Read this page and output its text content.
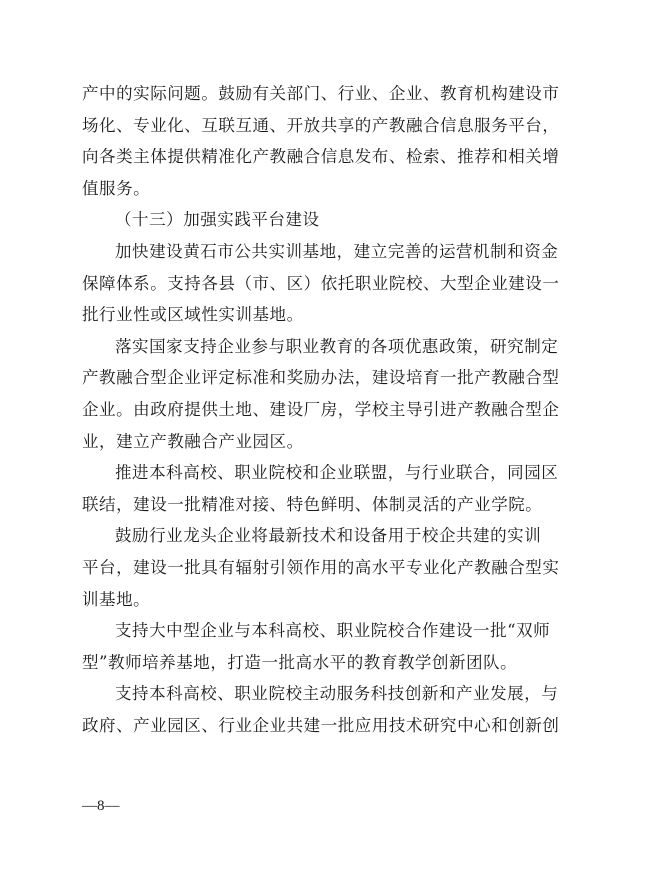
产中的实际问题。鼓励有关部门、行业、企业、教育机构建设市
场化、专业化、互联互通、开放共享的产教融合信息服务平台，
向各类主体提供精准化产教融合信息发布、检索、推荐和相关增
值服务。
（十三）加强实践平台建设
加快建设黄石市公共实训基地，建立完善的运营机制和资金
保障体系。支持各县（市、区）依托职业院校、大型企业建设一
批行业性或区域性实训基地。
落实国家支持企业参与职业教育的各项优惠政策，研究制定
产教融合型企业评定标准和奖励办法，建设培育一批产教融合型
企业。由政府提供土地、建设厂房，学校主导引进产教融合型企
业，建立产教融合产业园区。
推进本科高校、职业院校和企业联盟，与行业联合，同园区
联结，建设一批精准对接、特色鲜明、体制灵活的产业学院。
鼓励行业龙头企业将最新技术和设备用于校企共建的实训
平台，建设一批具有辐射引领作用的高水平专业化产教融合型实
训基地。
支持大中型企业与本科高校、职业院校合作建设一批“双师
型”教师培养基地，打造一批高水平的教育教学创新团队。
支持本科高校、职业院校主动服务科技创新和产业发展，与
政府、产业园区、行业企业共建一批应用技术研究中心和创新创
—8—
